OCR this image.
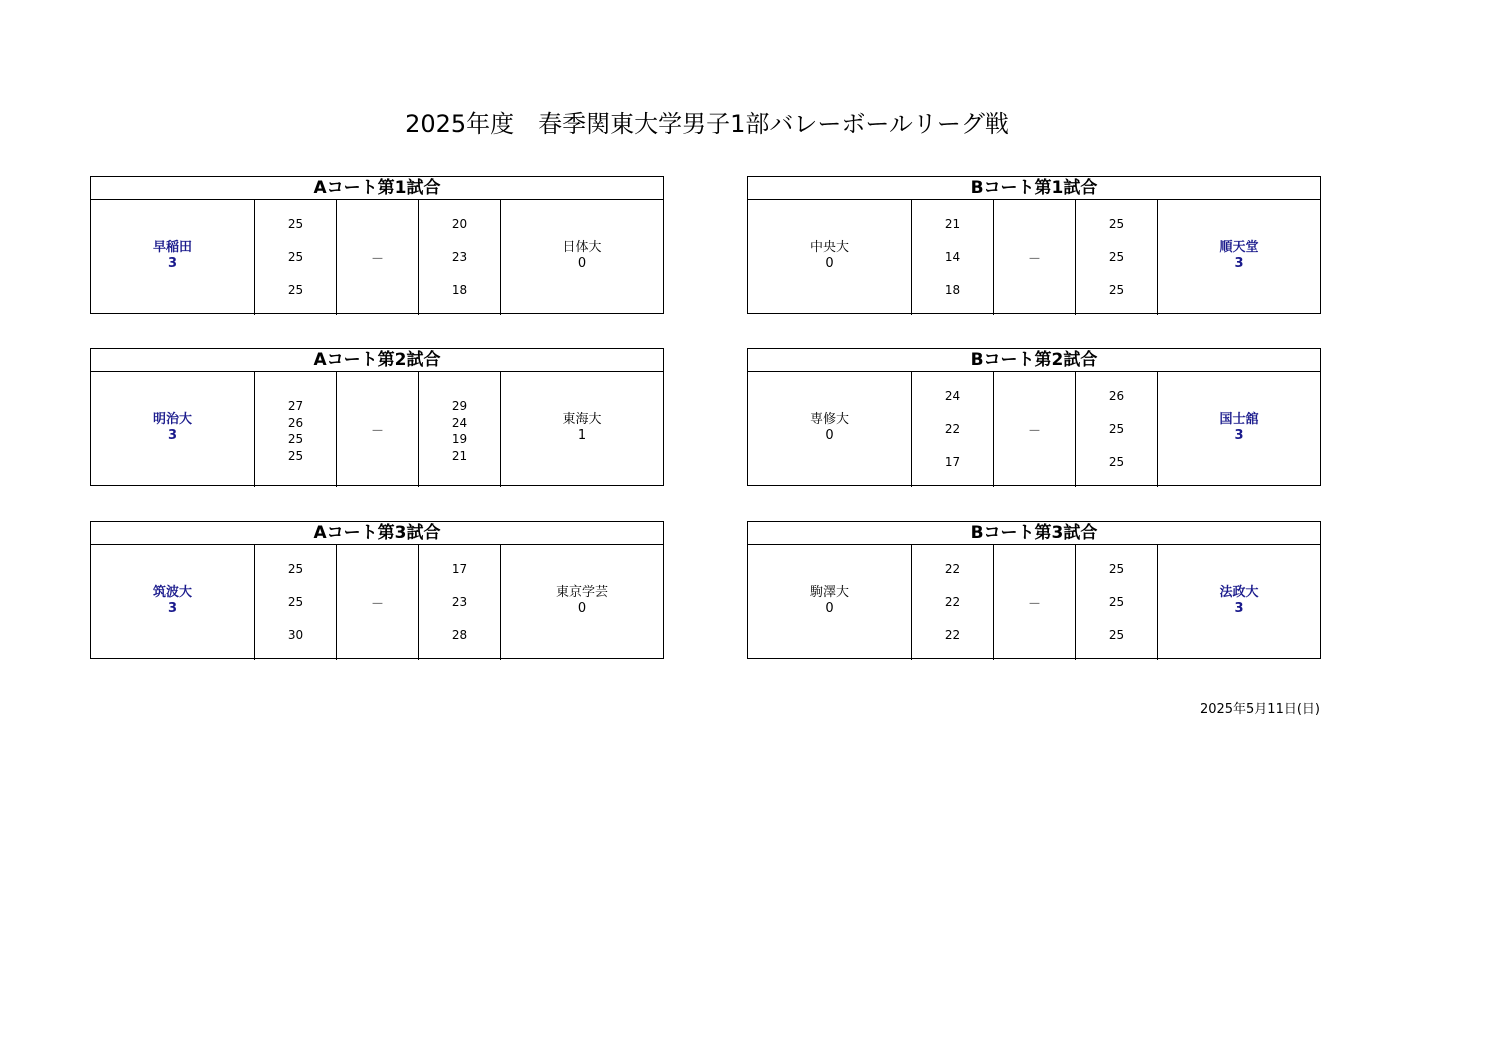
2025年度　春季関東大学男子1部バレーボールリーグ戦
Aコート第1試合
早稲田
3
25
25
25
－
20
23
18
日体大
0
Bコート第1試合
中央大
0
21
14
18
－
25
25
25
順天堂
3
Aコート第2試合
明治大
3
27
26
25
25
－
29
24
19
21
東海大
1
Bコート第2試合
専修大
0
24
22
17
－
26
25
25
国士舘
3
Aコート第3試合
筑波大
3
25
25
30
－
17
23
28
東京学芸
0
Bコート第3試合
駒澤大
0
22
22
22
－
25
25
25
法政大
3
2025年5月11日(日)
